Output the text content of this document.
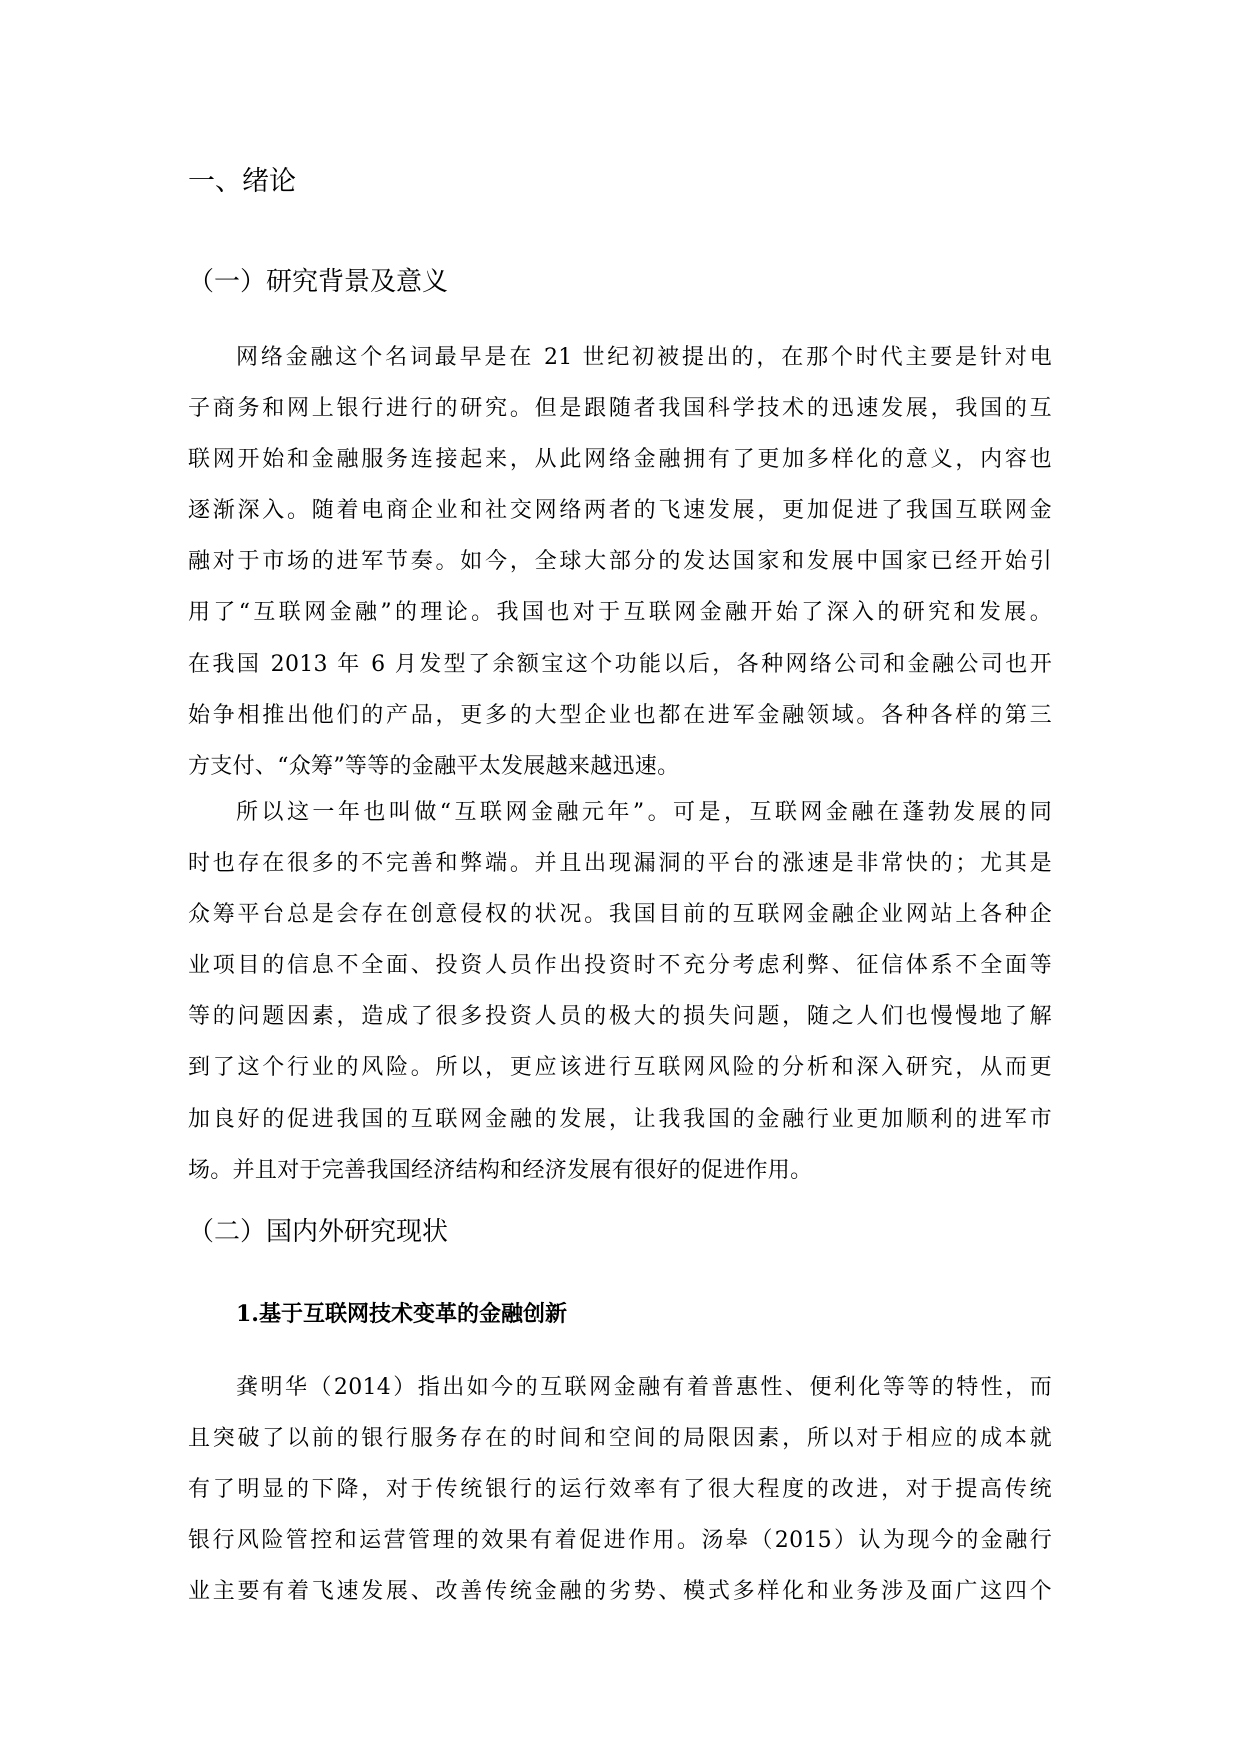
一、绪论
（一）研究背景及意义
网络金融这个名词最早是在 21 世纪初被提出的，在那个时代主要是针对电
子商务和网上银行进行的研究。但是跟随者我国科学技术的迅速发展，我国的互
联网开始和金融服务连接起来，从此网络金融拥有了更加多样化的意义，内容也
逐渐深入。随着电商企业和社交网络两者的飞速发展，更加促进了我国互联网金
融对于市场的进军节奏。如今，全球大部分的发达国家和发展中国家已经开始引
用了“互联网金融”的理论。我国也对于互联网金融开始了深入的研究和发展。
在我国 2013 年 6 月发型了余额宝这个功能以后，各种网络公司和金融公司也开
始争相推出他们的产品，更多的大型企业也都在进军金融领域。各种各样的第三
方支付、“众筹”等等的金融平太发展越来越迅速。
所以这一年也叫做“互联网金融元年”。可是，互联网金融在蓬勃发展的同
时也存在很多的不完善和弊端。并且出现漏洞的平台的涨速是非常快的；尤其是
众筹平台总是会存在创意侵权的状况。我国目前的互联网金融企业网站上各种企
业项目的信息不全面、投资人员作出投资时不充分考虑利弊、征信体系不全面等
等的问题因素，造成了很多投资人员的极大的损失问题，随之人们也慢慢地了解
到了这个行业的风险。所以，更应该进行互联网风险的分析和深入研究，从而更
加良好的促进我国的互联网金融的发展，让我我国的金融行业更加顺利的进军市
场。并且对于完善我国经济结构和经济发展有很好的促进作用。
（二）国内外研究现状
1.基于互联网技术变革的金融创新
龚明华（2014）指出如今的互联网金融有着普惠性、便利化等等的特性，而
且突破了以前的银行服务存在的时间和空间的局限因素，所以对于相应的成本就
有了明显的下降，对于传统银行的运行效率有了很大程度的改进，对于提高传统
银行风险管控和运营管理的效果有着促进作用。汤皋（2015）认为现今的金融行
业主要有着飞速发展、改善传统金融的劣势、模式多样化和业务涉及面广这四个
